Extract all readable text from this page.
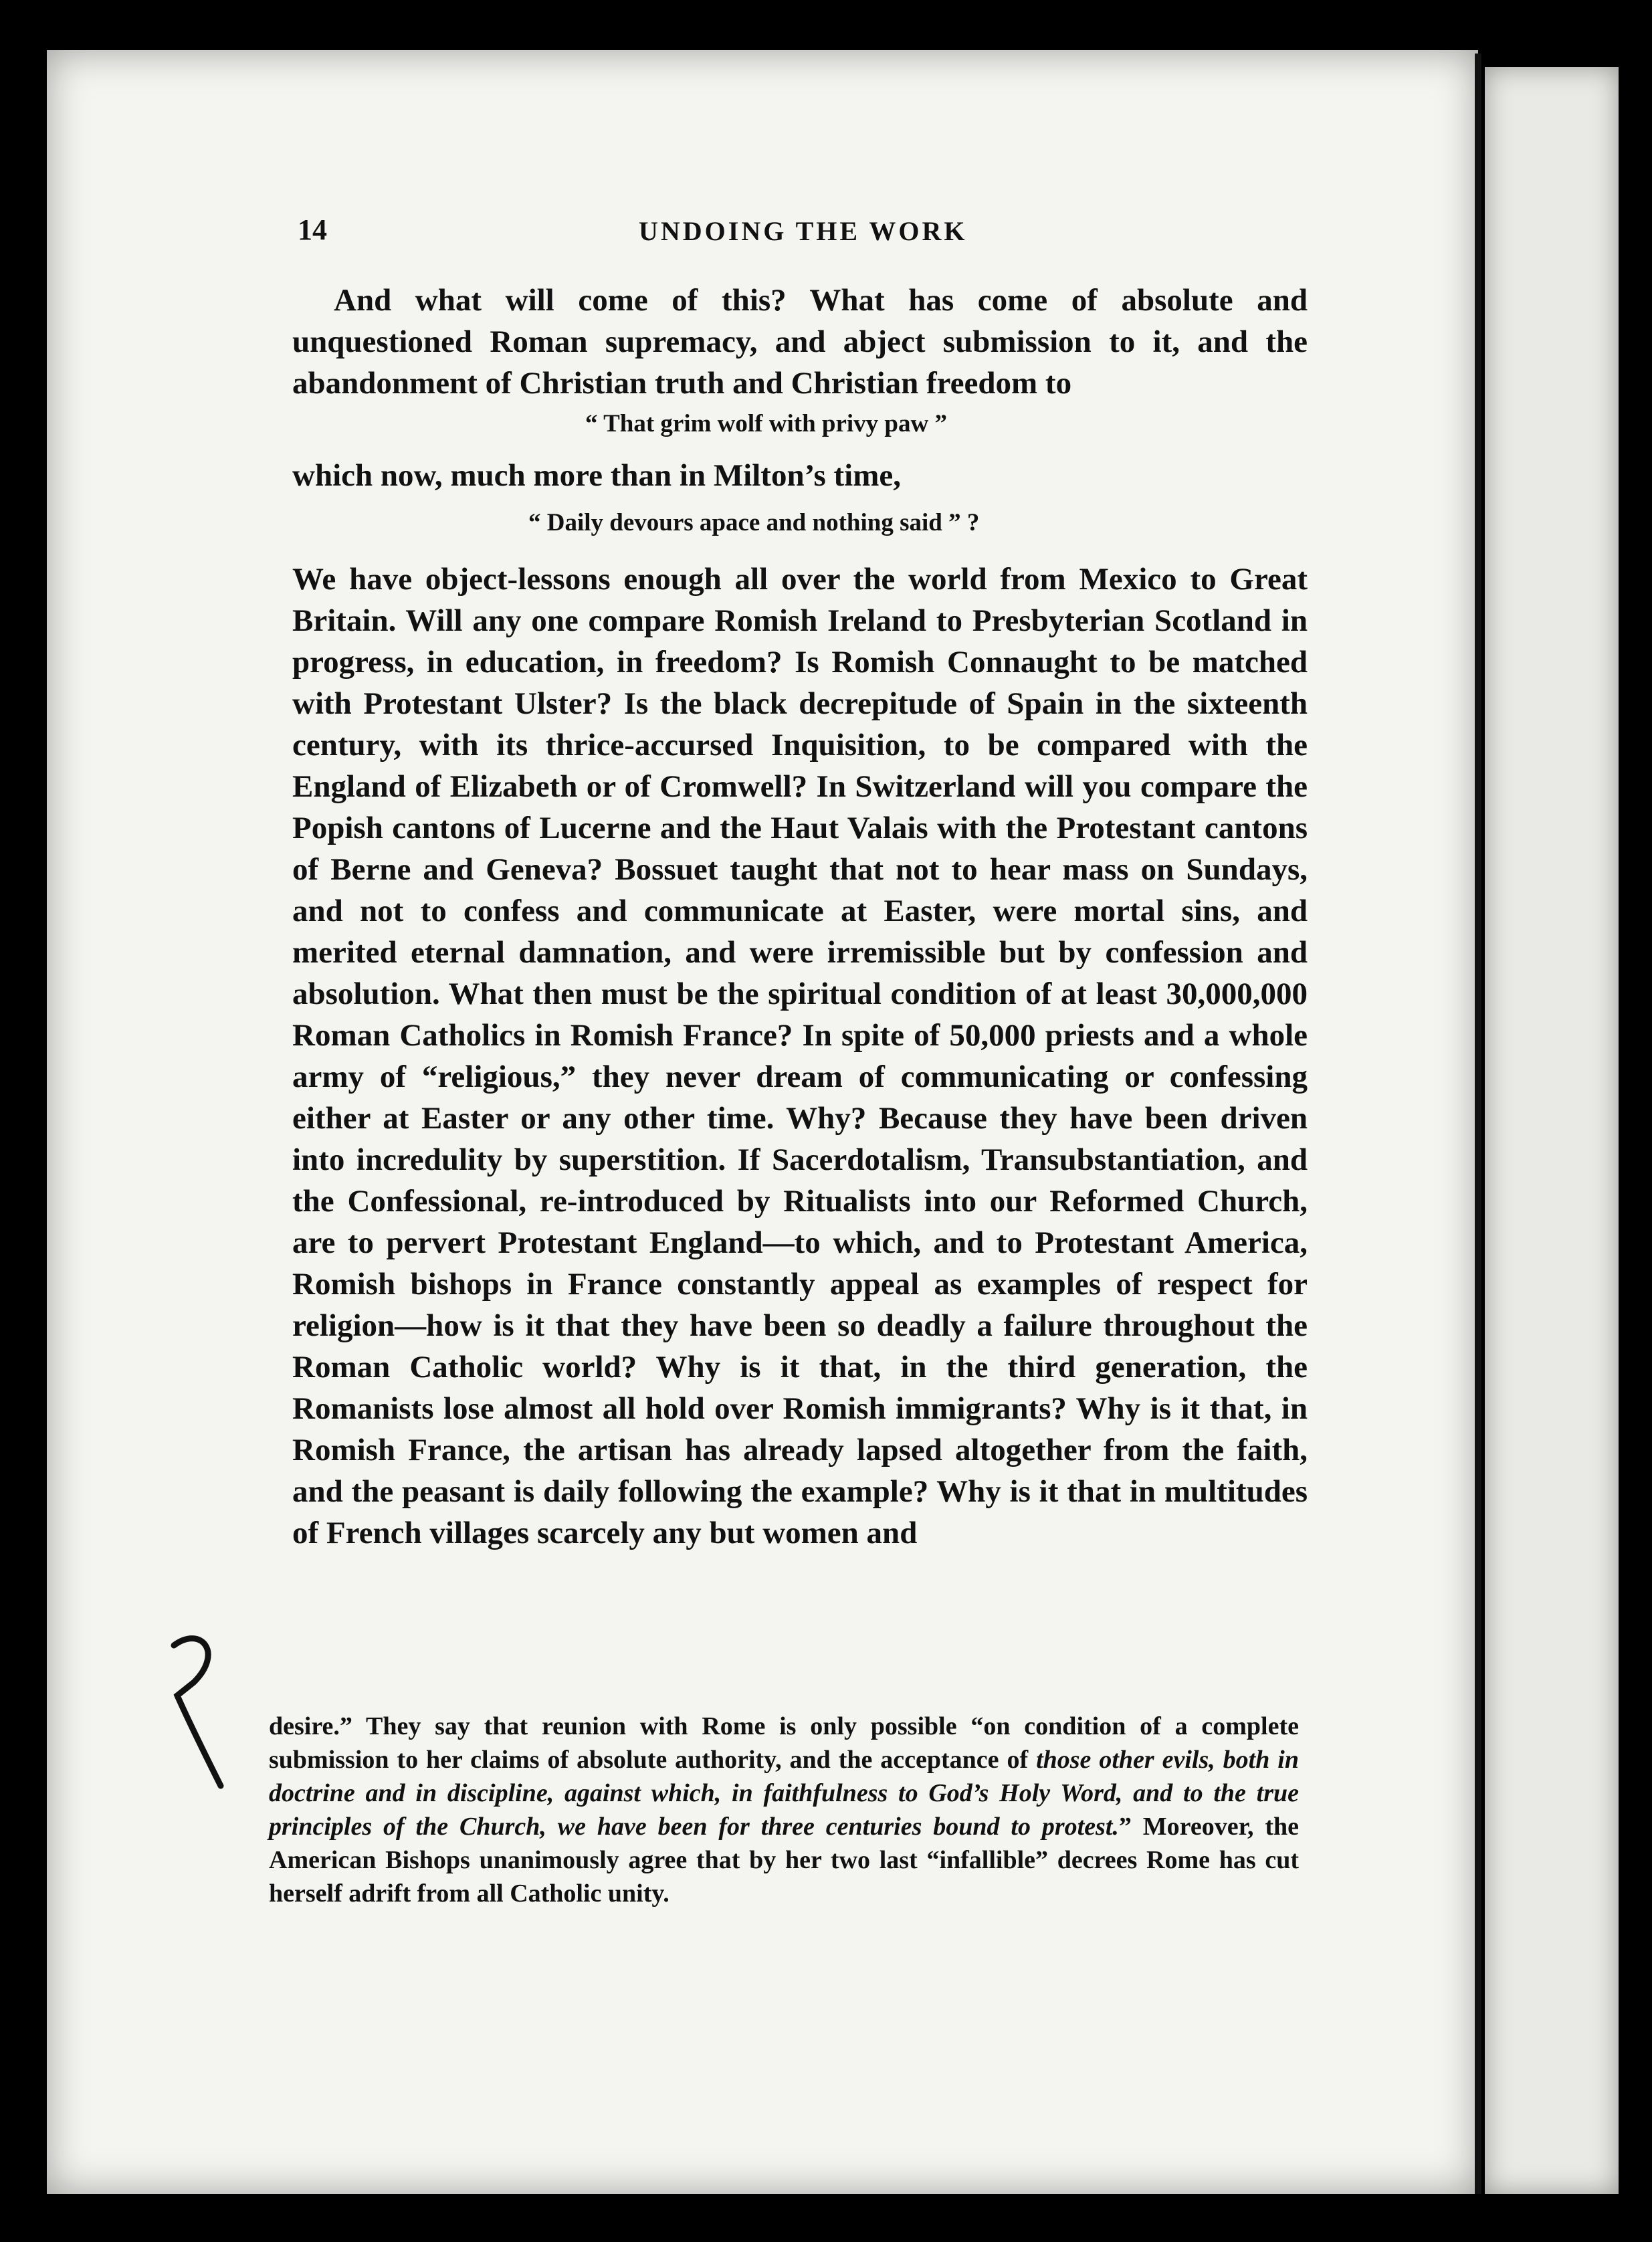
14	UNDOING THE WORK

And what will come of this? What has come of absolute and unquestioned Roman supremacy, and abject submission to it, and the abandonment of Christian truth and Christian freedom to

“ That grim wolf with privy paw ”

which now, much more than in Milton’s time,

“ Daily devours apace and nothing said ” ?

We have object-lessons enough all over the world from Mexico to Great Britain. Will any one compare Romish Ireland to Presbyterian Scotland in progress, in education, in freedom? Is Romish Connaught to be matched with Protestant Ulster? Is the black decrepitude of Spain in the sixteenth century, with its thrice-accursed Inquisition, to be compared with the England of Elizabeth or of Cromwell? In Switzerland will you compare the Popish cantons of Lucerne and the Haut Valais with the Protestant cantons of Berne and Geneva? Bossuet taught that not to hear mass on Sundays, and not to confess and communicate at Easter, were mortal sins, and merited eternal damnation, and were irremissible but by confession and absolution. What then must be the spiritual condition of at least 30,000,000 Roman Catholics in Romish France? In spite of 50,000 priests and a whole army of “religious,” they never dream of communicating or confessing either at Easter or any other time. Why? Because they have been driven into incredulity by superstition. If Sacerdotalism, Transubstantiation, and the Confessional, re-introduced by Ritualists into our Reformed Church, are to pervert Protestant England—to which, and to Protestant America, Romish bishops in France constantly appeal as examples of respect for religion—how is it that they have been so deadly a failure throughout the Roman Catholic world? Why is it that, in the third generation, the Romanists lose almost all hold over Romish immigrants? Why is it that, in Romish France, the artisan has already lapsed altogether from the faith, and the peasant is daily following the example? Why is it that in multitudes of French villages scarcely any but women and

desire.” They say that reunion with Rome is only possible “on condition of a complete submission to her claims of absolute authority, and the acceptance of those other evils, both in doctrine and in discipline, against which, in faithfulness to God’s Holy Word, and to the true principles of the Church, we have been for three centuries bound to protest.” Moreover, the American Bishops unanimously agree that by her two last “infallible” decrees Rome has cut herself adrift from all Catholic unity.
